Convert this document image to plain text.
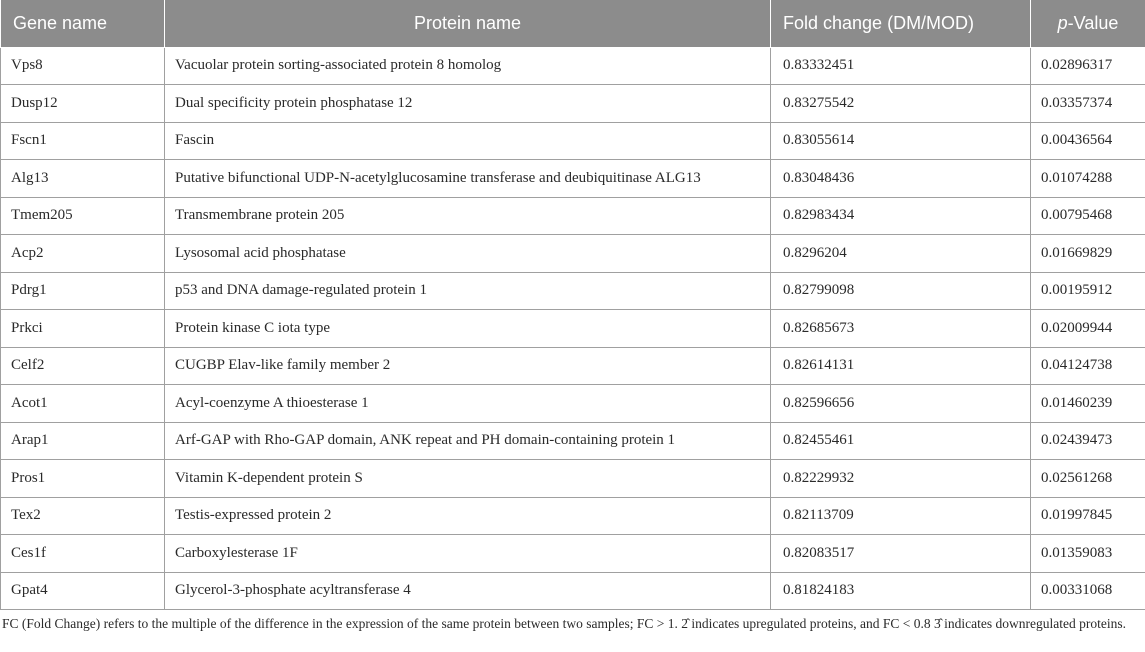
Gene name	Protein name	Fold change (DM/MOD)	p-Value
Vps8	Vacuolar protein sorting-associated protein 8 homolog	0.83332451	0.02896317
Dusp12	Dual specificity protein phosphatase 12	0.83275542	0.03357374
Fscn1	Fascin	0.83055614	0.00436564
Alg13	Putative bifunctional UDP-N-acetylglucosamine transferase and deubiquitinase ALG13	0.83048436	0.01074288
Tmem205	Transmembrane protein 205	0.82983434	0.00795468
Acp2	Lysosomal acid phosphatase	0.8296204	0.01669829
Pdrg1	p53 and DNA damage-regulated protein 1	0.82799098	0.00195912
Prkci	Protein kinase C iota type	0.82685673	0.02009944
Celf2	CUGBP Elav-like family member 2	0.82614131	0.04124738
Acot1	Acyl-coenzyme A thioesterase 1	0.82596656	0.01460239
Arap1	Arf-GAP with Rho-GAP domain, ANK repeat and PH domain-containing protein 1	0.82455461	0.02439473
Pros1	Vitamin K-dependent protein S	0.82229932	0.02561268
Tex2	Testis-expressed protein 2	0.82113709	0.01997845
Ces1f	Carboxylesterase 1F	0.82083517	0.01359083
Gpat4	Glycerol-3-phosphate acyltransferase 4	0.81824183	0.00331068
FC (Fold Change) refers to the multiple of the difference in the expression of the same protein between two samples; FC > 1. 2̂ indicates upregulated proteins, and FC < 0.8 3̂ indicates downregulated proteins.
